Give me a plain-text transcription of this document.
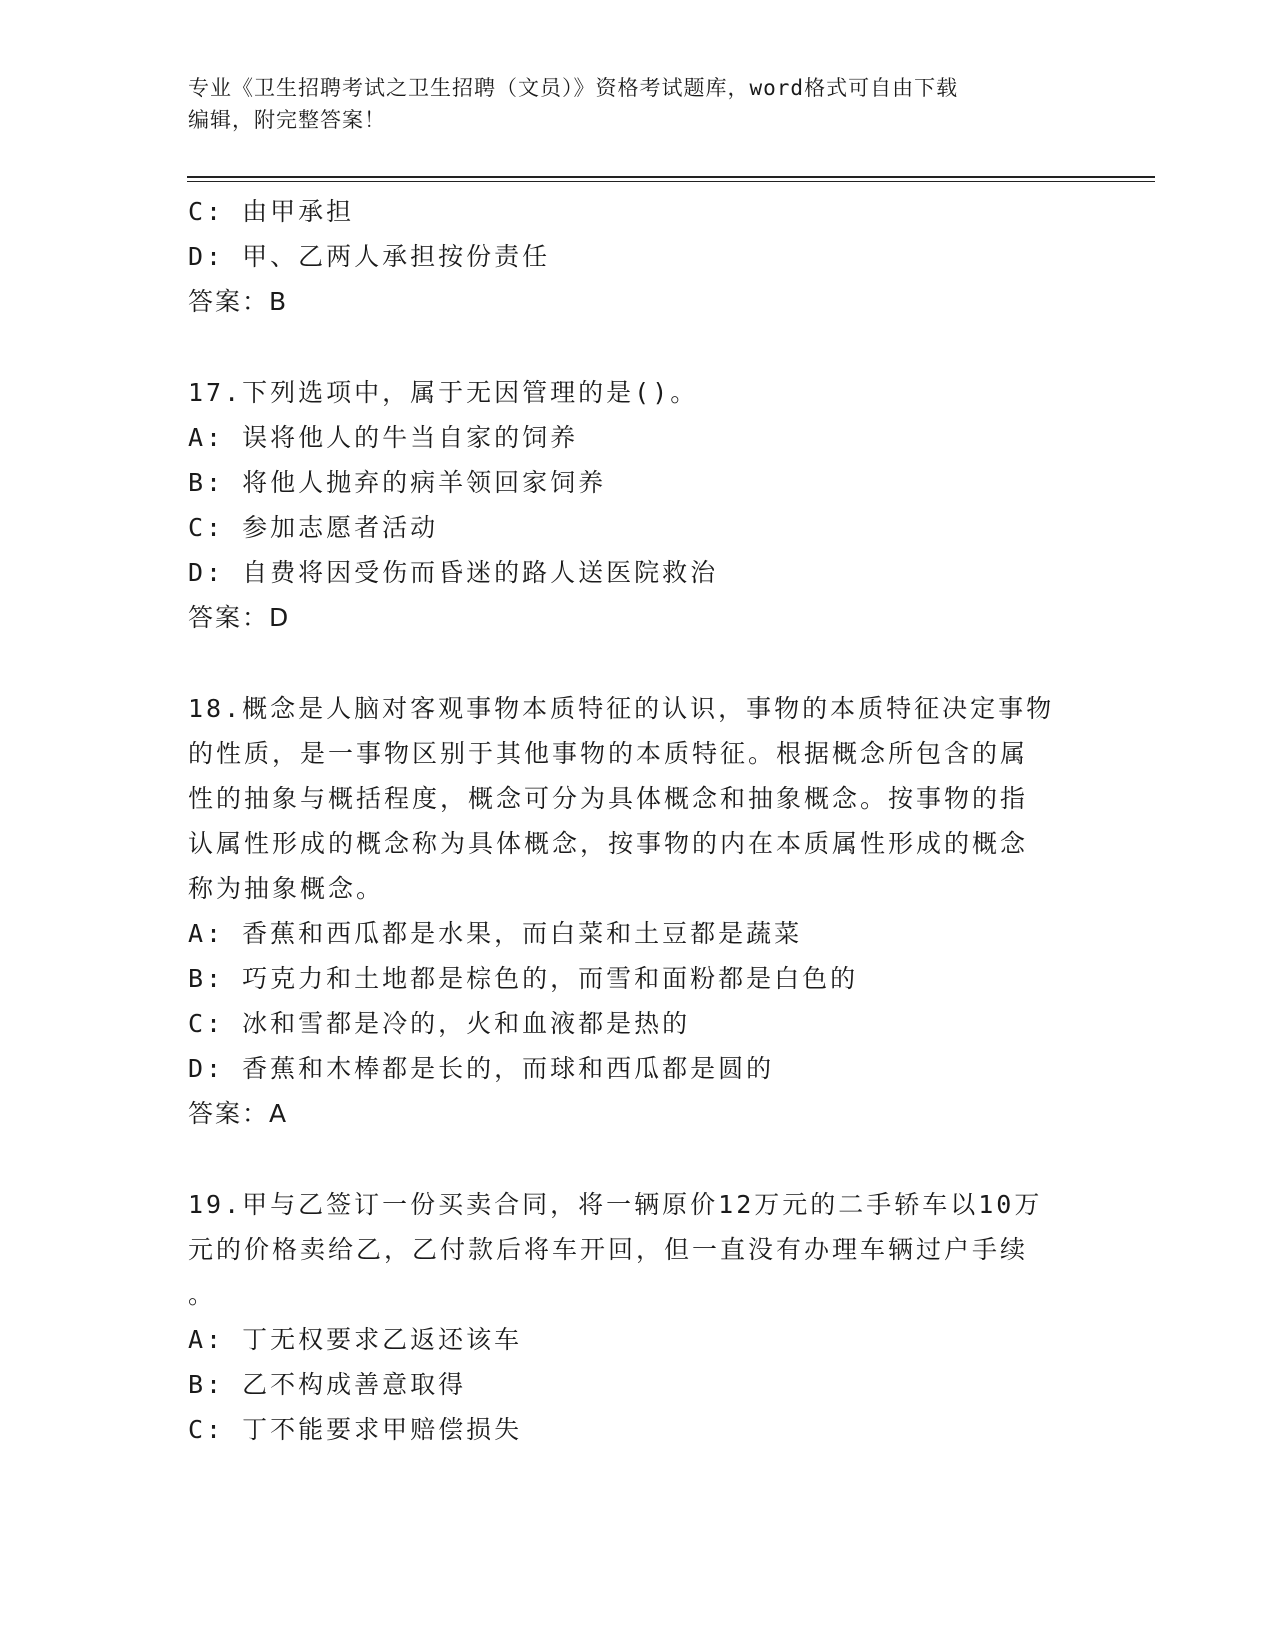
专业《卫生招聘考试之卫生招聘（文员）》资格考试题库，word格式可自由下载
编辑，附完整答案！
C: 由甲承担
D: 甲、乙两人承担按份责任
答案：B
17.下列选项中，属于无因管理的是()。
A: 误将他人的牛当自家的饲养
B: 将他人抛弃的病羊领回家饲养
C: 参加志愿者活动
D: 自费将因受伤而昏迷的路人送医院救治
答案：D
18.概念是人脑对客观事物本质特征的认识，事物的本质特征决定事物
的性质，是一事物区别于其他事物的本质特征。根据概念所包含的属
性的抽象与概括程度，概念可分为具体概念和抽象概念。按事物的指
认属性形成的概念称为具体概念，按事物的内在本质属性形成的概念
称为抽象概念。
A: 香蕉和西瓜都是水果，而白菜和土豆都是蔬菜
B: 巧克力和土地都是棕色的，而雪和面粉都是白色的
C: 冰和雪都是冷的，火和血液都是热的
D: 香蕉和木棒都是长的，而球和西瓜都是圆的
答案：A
19.甲与乙签订一份买卖合同，将一辆原价12万元的二手轿车以10万
元的价格卖给乙，乙付款后将车开回，但一直没有办理车辆过户手续
。
A: 丁无权要求乙返还该车
B: 乙不构成善意取得
C: 丁不能要求甲赔偿损失
